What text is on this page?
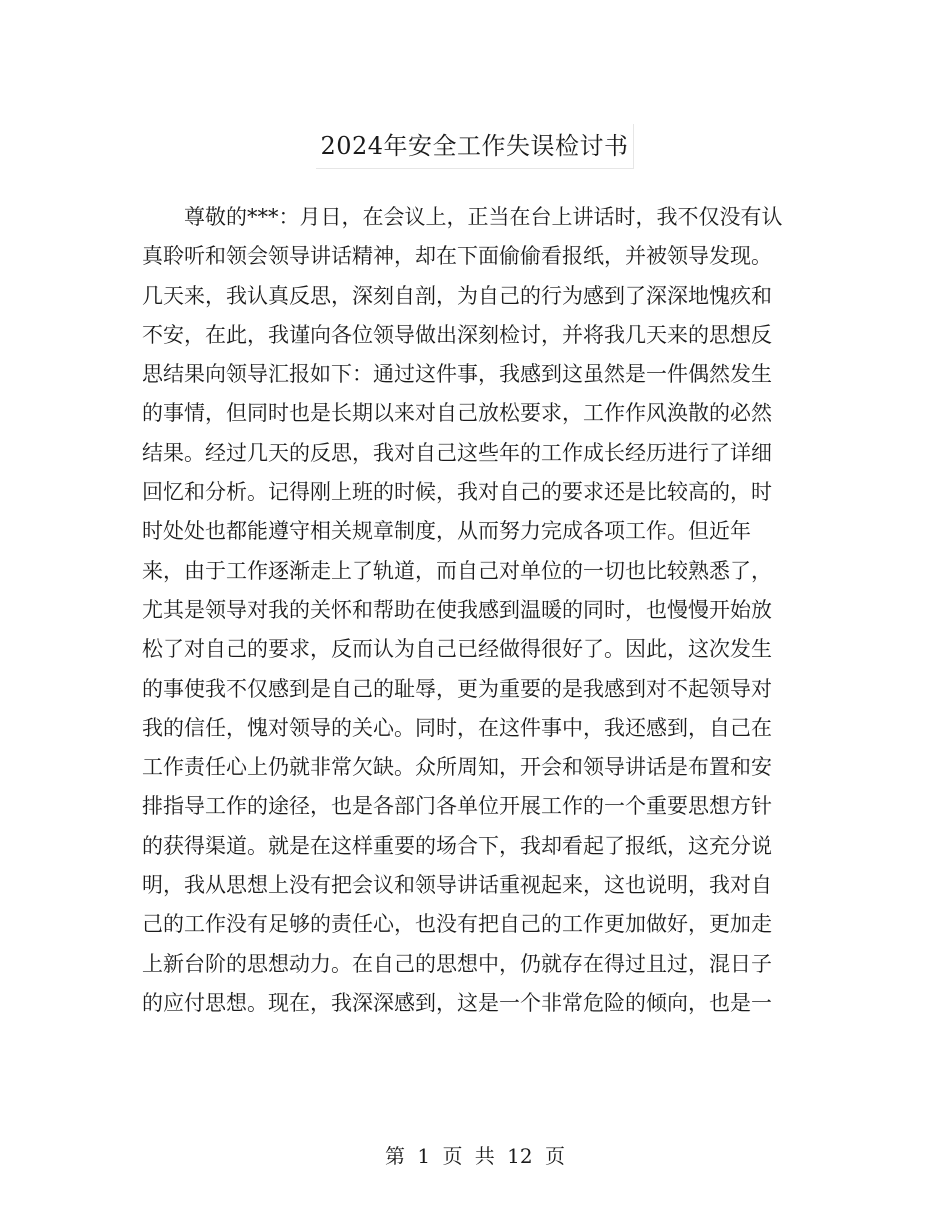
2024年安全工作失误检讨书
　　尊敬的***：月日，在会议上，正当在台上讲话时，我不仅没有认
真聆听和领会领导讲话精神，却在下面偷偷看报纸，并被领导发现。
几天来，我认真反思，深刻自剖，为自己的行为感到了深深地愧疚和
不安，在此，我谨向各位领导做出深刻检讨，并将我几天来的思想反
思结果向领导汇报如下：通过这件事，我感到这虽然是一件偶然发生
的事情，但同时也是长期以来对自己放松要求，工作作风涣散的必然
结果。经过几天的反思，我对自己这些年的工作成长经历进行了详细
回忆和分析。记得刚上班的时候，我对自己的要求还是比较高的，时
时处处也都能遵守相关规章制度，从而努力完成各项工作。但近年
来，由于工作逐渐走上了轨道，而自己对单位的一切也比较熟悉了，
尤其是领导对我的关怀和帮助在使我感到温暖的同时，也慢慢开始放
松了对自己的要求，反而认为自己已经做得很好了。因此，这次发生
的事使我不仅感到是自己的耻辱，更为重要的是我感到对不起领导对
我的信任，愧对领导的关心。同时，在这件事中，我还感到，自己在
工作责任心上仍就非常欠缺。众所周知，开会和领导讲话是布置和安
排指导工作的途径，也是各部门各单位开展工作的一个重要思想方针
的获得渠道。就是在这样重要的场合下，我却看起了报纸，这充分说
明，我从思想上没有把会议和领导讲话重视起来，这也说明，我对自
己的工作没有足够的责任心，也没有把自己的工作更加做好，更加走
上新台阶的思想动力。在自己的思想中，仍就存在得过且过，混日子
的应付思想。现在，我深深感到，这是一个非常危险的倾向，也是一
第 1 页 共 12 页
